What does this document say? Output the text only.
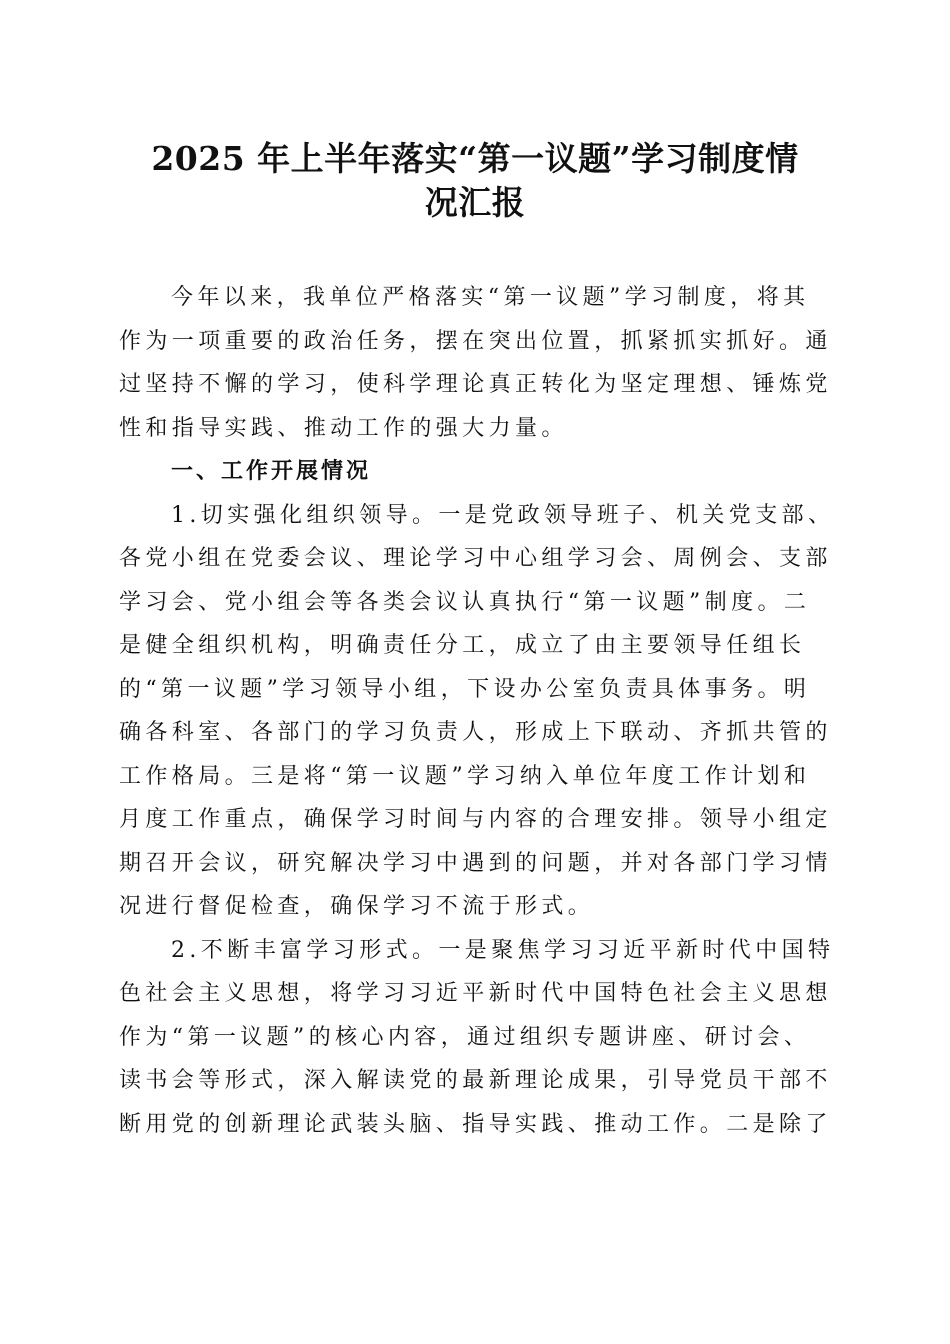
2025 年上半年落实“第一议题”学习制度情
况汇报

今年以来，我单位严格落实“第一议题”学习制度，将其
作为一项重要的政治任务，摆在突出位置，抓紧抓实抓好。通
过坚持不懈的学习，使科学理论真正转化为坚定理想、锤炼党
性和指导实践、推动工作的强大力量。

一、工作开展情况

1.切实强化组织领导。一是党政领导班子、机关党支部、
各党小组在党委会议、理论学习中心组学习会、周例会、支部
学习会、党小组会等各类会议认真执行“第一议题”制度。二
是健全组织机构，明确责任分工，成立了由主要领导任组长
的“第一议题”学习领导小组，下设办公室负责具体事务。明
确各科室、各部门的学习负责人，形成上下联动、齐抓共管的
工作格局。三是将“第一议题”学习纳入单位年度工作计划和
月度工作重点，确保学习时间与内容的合理安排。领导小组定
期召开会议，研究解决学习中遇到的问题，并对各部门学习情
况进行督促检查，确保学习不流于形式。

2.不断丰富学习形式。一是聚焦学习习近平新时代中国特
色社会主义思想，将学习习近平新时代中国特色社会主义思想
作为“第一议题”的核心内容，通过组织专题讲座、研讨会、
读书会等形式，深入解读党的最新理论成果，引导党员干部不
断用党的创新理论武装头脑、指导实践、推动工作。二是除了
